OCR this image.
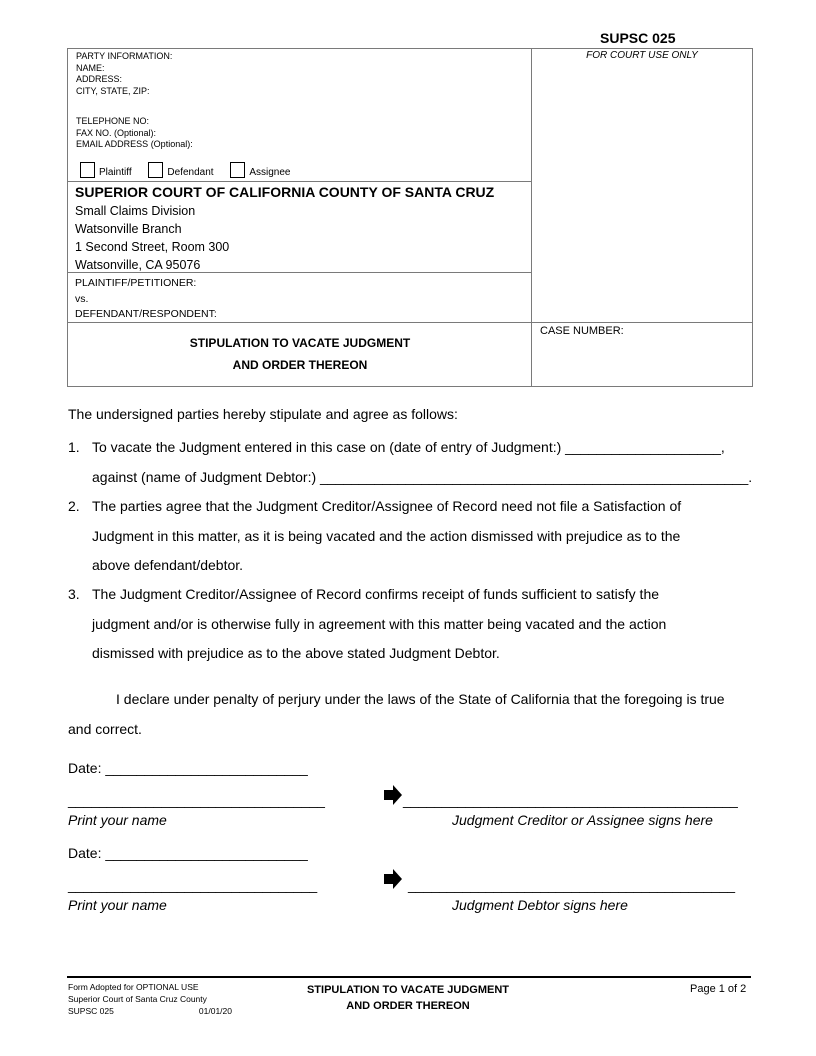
SUPSC 025
FOR COURT USE ONLY
PARTY INFORMATION:
NAME:
ADDRESS:
CITY, STATE, ZIP:
TELEPHONE NO:
FAX NO. (Optional):
EMAIL ADDRESS (Optional):
Plaintiff	Defendant	Assignee
SUPERIOR COURT OF CALIFORNIA COUNTY OF SANTA CRUZ
Small Claims Division
Watsonville Branch
1 Second Street, Room 300
Watsonville, CA 95076
PLAINTIFF/PETITIONER:
vs.
DEFENDANT/RESPONDENT:
STIPULATION TO VACATE JUDGMENT
AND ORDER THEREON
CASE NUMBER:
The undersigned parties hereby stipulate and agree as follows:
1. To vacate the Judgment entered in this case on (date of entry of Judgment:) ____________________,
against (name of Judgment Debtor:) _______________________________________________________.
2. The parties agree that the Judgment Creditor/Assignee of Record need not file a Satisfaction of
Judgment in this matter, as it is being vacated and the action dismissed with prejudice as to the
above defendant/debtor.
3. The Judgment Creditor/Assignee of Record confirms receipt of funds sufficient to satisfy the
judgment and/or is otherwise fully in agreement with this matter being vacated and the action
dismissed with prejudice as to the above stated Judgment Debtor.
I declare under penalty of perjury under the laws of the State of California that the foregoing is true and correct.
Date: __________________________
_________________________________	___________________________________________
Print your name	Judgment Creditor or Assignee signs here
Date: __________________________
________________________________	__________________________________________
Print your name	Judgment Debtor signs here
Form Adopted for OPTIONAL USE
Superior Court of Santa Cruz County
SUPSC 025	01/01/20
STIPULATION TO VACATE JUDGMENT
AND ORDER THEREON
Page 1 of 2
